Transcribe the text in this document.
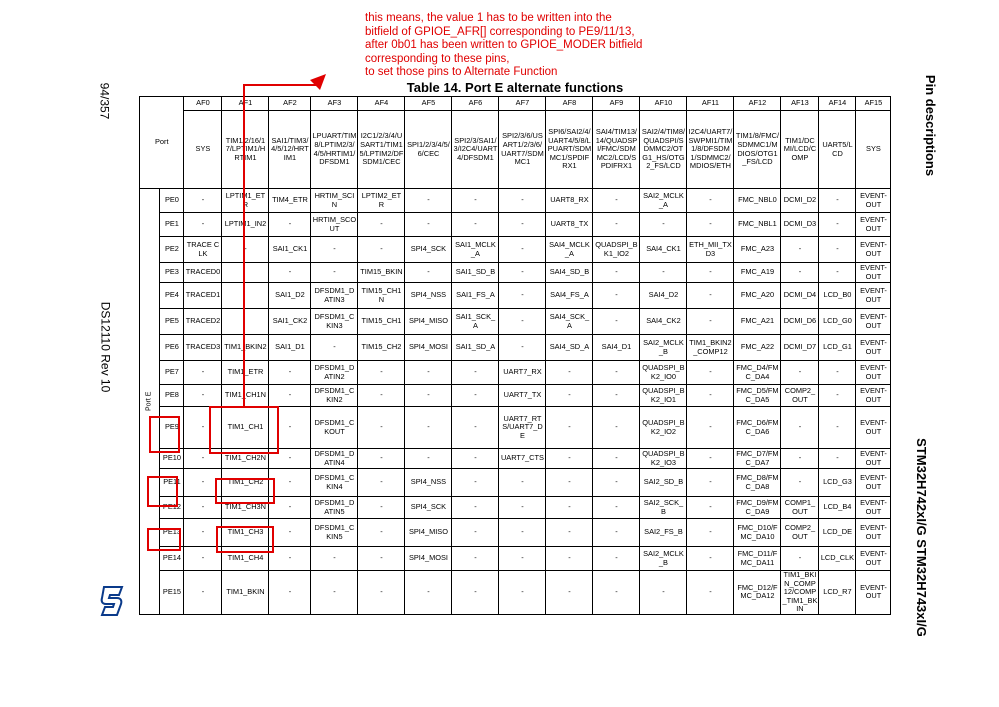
94/357
DS12110 Rev 10
Pin descriptions
STM32H742xI/G STM32H743xI/G
this means, the value 1 has to be written into the
bitfield of GPIOE_AFR[] corresponding to PE9/11/13,
after 0b01 has been written to GPIOE_MODER bitfield
corresponding to these pins,
to set those pins to Alternate Function
Table 14. Port E alternate functions
Port		AF0	AF1	AF2	AF3	AF4	AF5	AF6	AF7	AF8	AF9	AF10	AF11	AF12	AF13	AF14	AF15
		SYS	TIM1/2/16/17/LPTIM1/HRTIM1	SAI1/TIM3/4/5/12/HRTIM1	LPUART/TIM8/LPTIM2/3/4/5/HRTIM1/DFSDM1	I2C1/2/3/4/USART1/TIM15/LPTIM2/DFSDM1/CEC	SPI1/2/3/4/5/6/CEC	SPI2/3/SAI1/3/I2C4/UART4/DFSDM1	SPI2/3/6/USART1/2/3/6/UART7/SDMMC1	SPI6/SAI2/4/UART4/5/8/LPUART/SDMMC1/SPDIFRX1	SAI4/TIM13/14/QUADSPI/FMC/SDMMC2/LCD/SPDIFRX1	SAI2/4/TIM8/QUADSPI/SDMMC2/OTG1_HS/OTG2_FS/LCD	I2C4/UART7/SWPMI1/TIM1/8/DFSDM1/SDMMC2/MDIOS/ETH	TIM1/8/FMC/SDMMC1/MDIOS/OTG1_FS/LCD	TIM1/DCMI/LCD/COMP	UART5/LCD	SYS

Port E	PE0	-	LPTIM1_ETR	TIM4_ETR	HRTIM_SCIN	LPTIM2_ETR	-	-	-	UART8_RX	-	SAI2_MCLK_A	-	FMC_NBL0	DCMI_D2	-	EVENT-OUT
	PE1	-	LPTIM1_IN2	-	HRTIM_SCOUT	-	-	-	-	UART8_TX	-	-	-	FMC_NBL1	DCMI_D3	-	EVENT-OUT
	PE2	TRACE CLK	-	SAI1_CK1	-	-	SPI4_SCK	SAI1_MCLK_A	-	SAI4_MCLK_A	QUADSPI_BK1_IO2	SAI4_CK1	ETH_MII_TXD3	FMC_A23	-	-	EVENT-OUT
	PE3	TRACED0		-	-	TIM15_BKIN	-	SAI1_SD_B	-	SAI4_SD_B	-	-	-	FMC_A19	-	-	EVENT-OUT
	PE4	TRACED1		SAI1_D2	DFSDM1_DATIN3	TIM15_CH1N	SPI4_NSS	SAI1_FS_A	-	SAI4_FS_A	-	SAI4_D2	-	FMC_A20	DCMI_D4	LCD_B0	EVENT-OUT
	PE5	TRACED2		SAI1_CK2	DFSDM1_CKIN3	TIM15_CH1	SPI4_MISO	SAI1_SCK_A	-	SAI4_SCK_A	-	SAI4_CK2	-	FMC_A21	DCMI_D6	LCD_G0	EVENT-OUT
	PE6	TRACED3	TIM1_BKIN2	SAI1_D1	-	TIM15_CH2	SPI4_MOSI	SAI1_SD_A	-	SAI4_SD_A	SAI4_D1	SAI2_MCLK_B	TIM1_BKIN2_COMP12	FMC_A22	DCMI_D7	LCD_G1	EVENT-OUT
	PE7	-	TIM1_ETR	-	DFSDM1_DATIN2	-	-	-	UART7_RX	-	-	QUADSPI_BK2_IO0	-	FMC_D4/FMC_DA4	-	-	EVENT-OUT
	PE8	-	TIM1_CH1N	-	DFSDM1_CKIN2	-	-	-	UART7_TX	-	-	QUADSPI_BK2_IO1	-	FMC_D5/FMC_DA5	COMP2_OUT	-	EVENT-OUT
	PE9	-	TIM1_CH1	-	DFSDM1_CKOUT	-	-	-	UART7_RTS/UART7_DE	-	-	QUADSPI_BK2_IO2	-	FMC_D6/FMC_DA6	-	-	EVENT-OUT
	PE10	-	TIM1_CH2N	-	DFSDM1_DATIN4	-	-	-	UART7_CTS	-	-	QUADSPI_BK2_IO3	-	FMC_D7/FMC_DA7	-	-	EVENT-OUT
	PE11	-	TIM1_CH2	-	DFSDM1_CKIN4	-	SPI4_NSS	-	-	-	-	SAI2_SD_B	-	FMC_D8/FMC_DA8	-	LCD_G3	EVENT-OUT
	PE12	-	TIM1_CH3N	-	DFSDM1_DATIN5	-	SPI4_SCK	-	-	-	-	SAI2_SCK_B	-	FMC_D9/FMC_DA9	COMP1_OUT	LCD_B4	EVENT-OUT
	PE13	-	TIM1_CH3	-	DFSDM1_CKIN5	-	SPI4_MISO	-	-	-	-	SAI2_FS_B	-	FMC_D10/FMC_DA10	COMP2_OUT	LCD_DE	EVENT-OUT
	PE14	-	TIM1_CH4	-	-	-	SPI4_MOSI	-	-	-	-	SAI2_MCLK_B	-	FMC_D11/FMC_DA11	-	LCD_CLK	EVENT-OUT
	PE15	-	TIM1_BKIN	-	-	-	-	-	-	-	-	-	-	FMC_D12/FMC_DA12	TIM1_BKIN_COMP12/COMP_TIM1_BKIN	LCD_R7	EVENT-OUT
